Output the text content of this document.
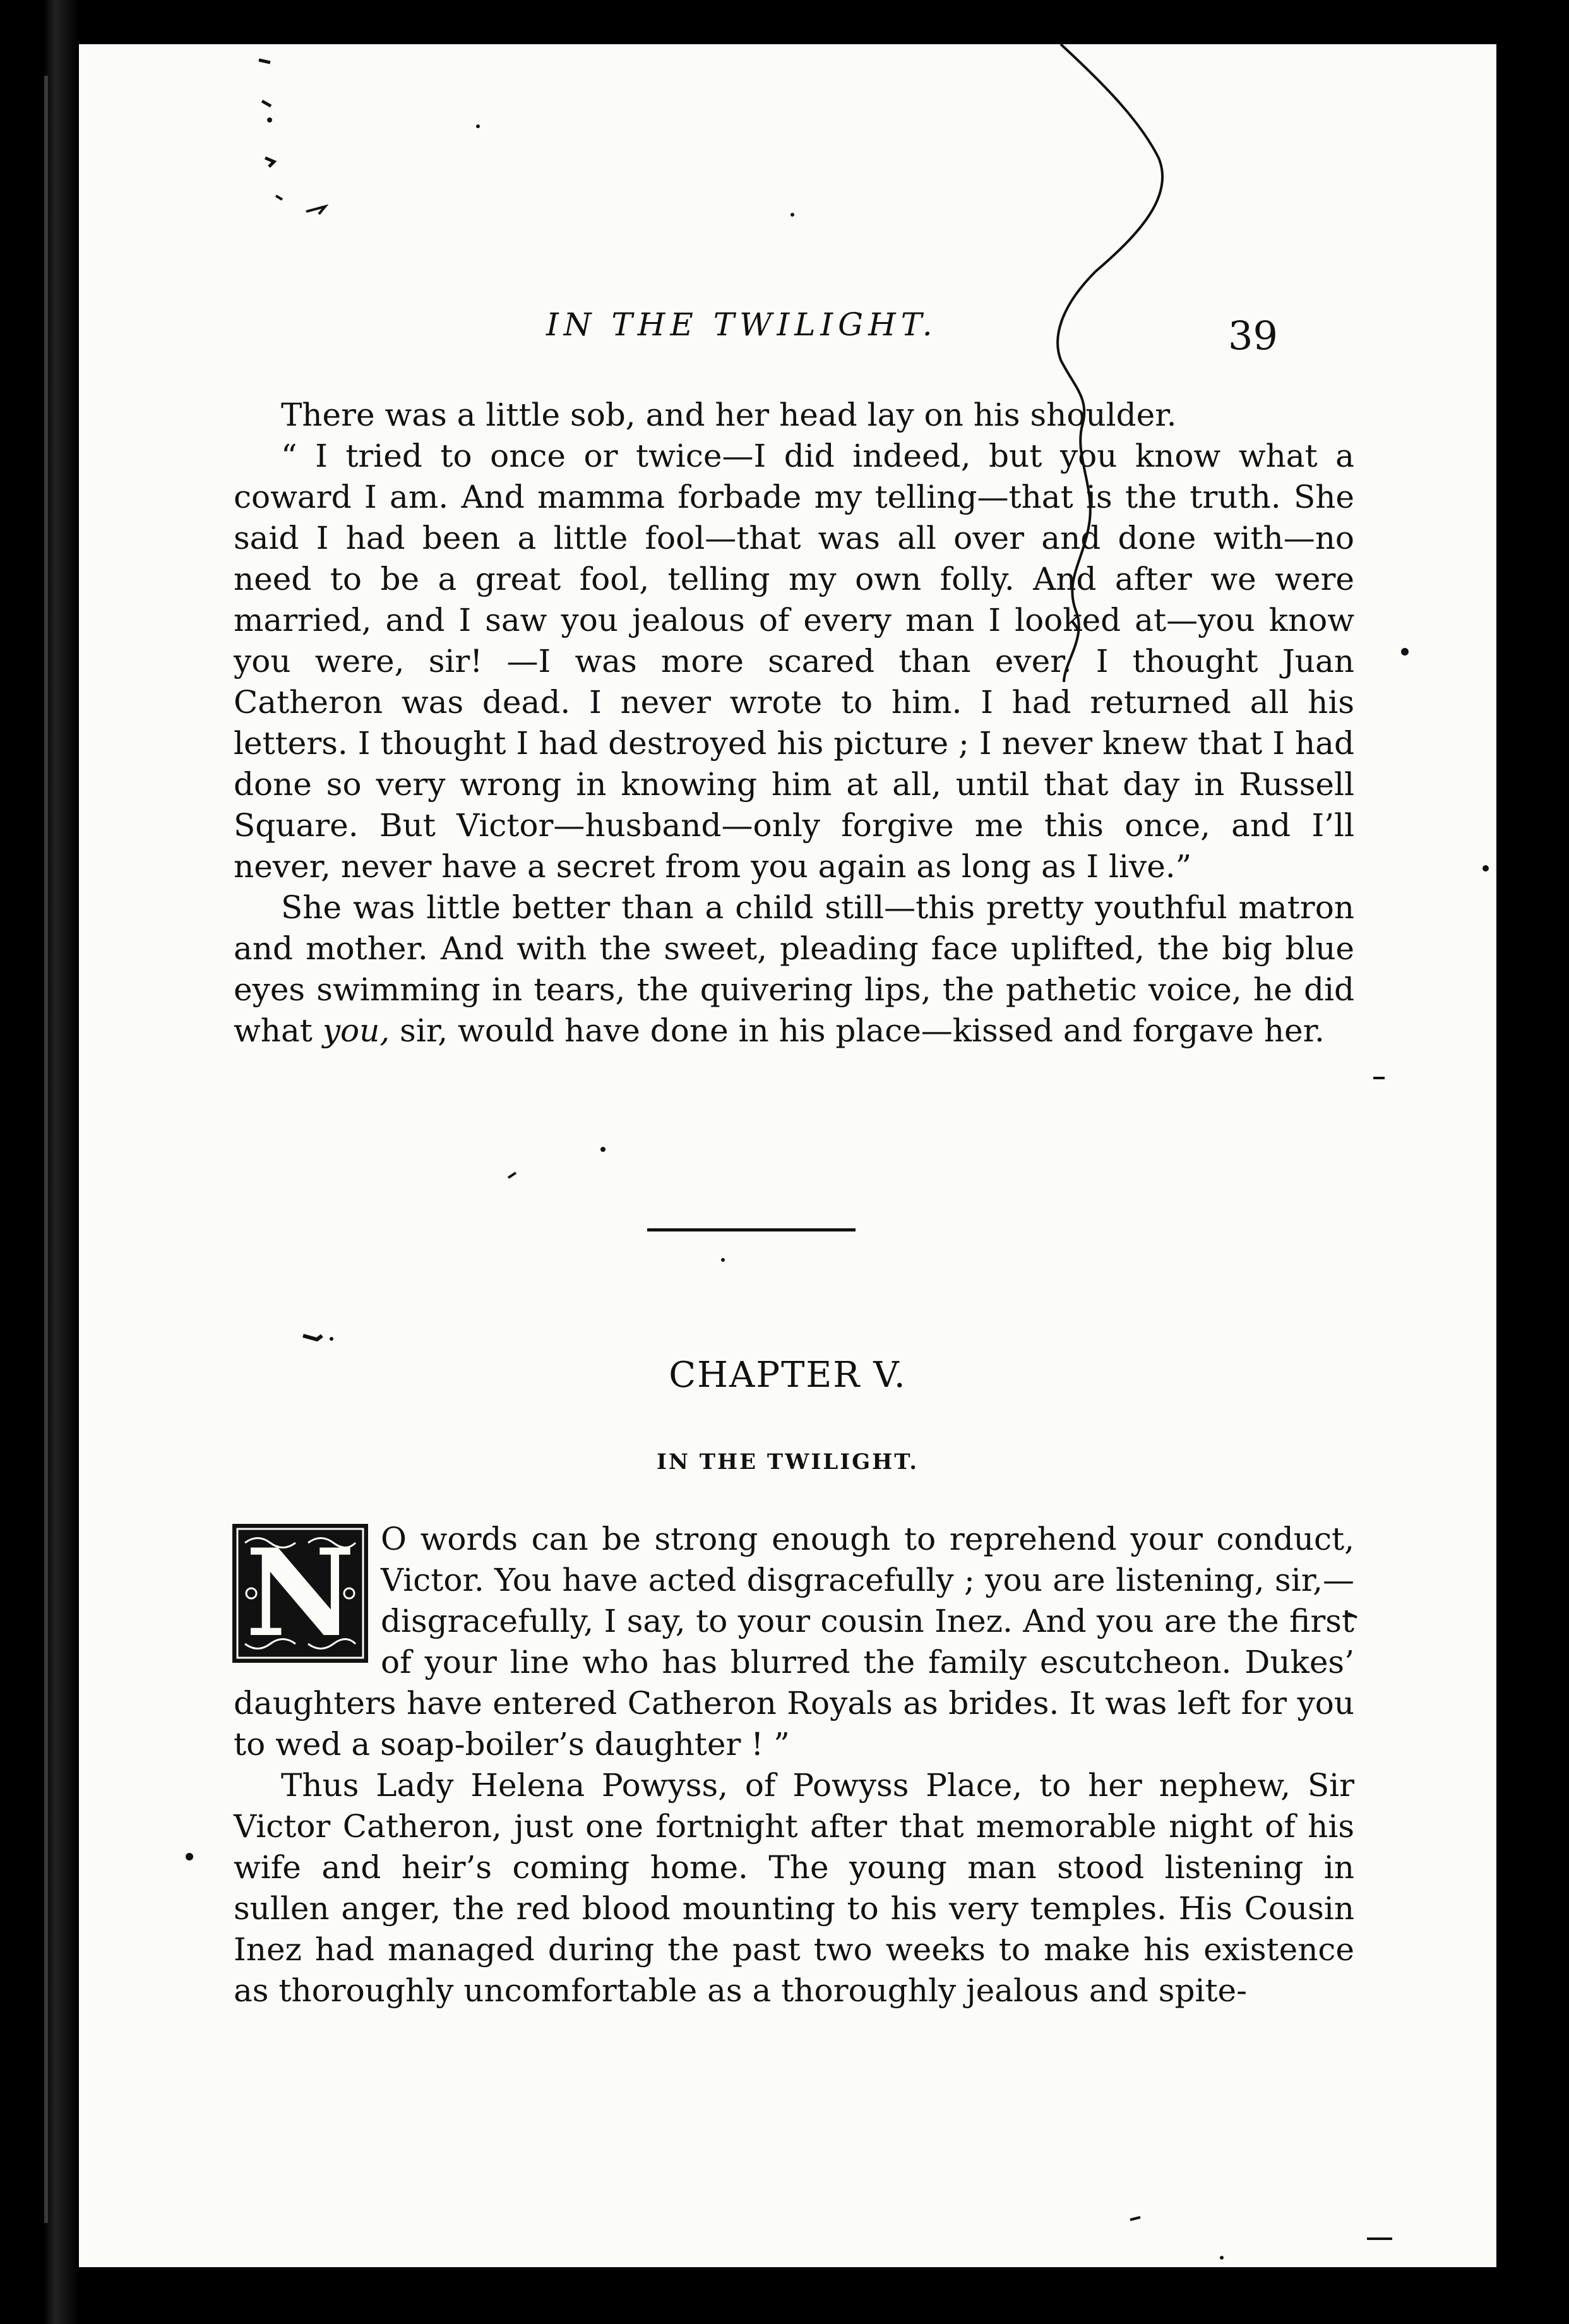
IN THE TWILIGHT.	39

There was a little sob, and her head lay on his shoulder.

“ I tried to once or twice—I did indeed, but you know what a coward I am. And mamma forbade my telling—that is the truth. She said I had been a little fool—that was all over and done with—no need to be a great fool, telling my own folly. And after we were married, and I saw you jealous of every man I looked at—you know you were, sir! —I was more scared than ever. I thought Juan Catheron was dead. I never wrote to him. I had returned all his letters. I thought I had destroyed his picture ; I never knew that I had done so very wrong in knowing him at all, until that day in Russell Square. But Victor—husband—only forgive me this once, and I’ll never, never have a secret from you again as long as I live.”

She was little better than a child still—this pretty youthful matron and mother. And with the sweet, pleading face uplifted, the big blue eyes swimming in tears, the quivering lips, the pathetic voice, he did what you, sir, would have done in his place—kissed and forgave her.

CHAPTER V.
IN THE TWILIGHT.
N O words can be strong enough to reprehend your conduct, Victor. You have acted disgracefully ; you are listening, sir,—disgracefully, I say, to your cousin Inez. And you are the first of your line who has blurred the family escutcheon. Dukes’ daughters have entered Catheron Royals as brides. It was left for you to wed a soap-boiler’s daughter ! ”

Thus Lady Helena Powyss, of Powyss Place, to her nephew, Sir Victor Catheron, just one fortnight after that memorable night of his wife and heir’s coming home. The young man stood listening in sullen anger, the red blood mounting to his very temples. His Cousin Inez had managed during the past two weeks to make his existence as thoroughly uncomfortable as a thoroughly jealous and spite-
